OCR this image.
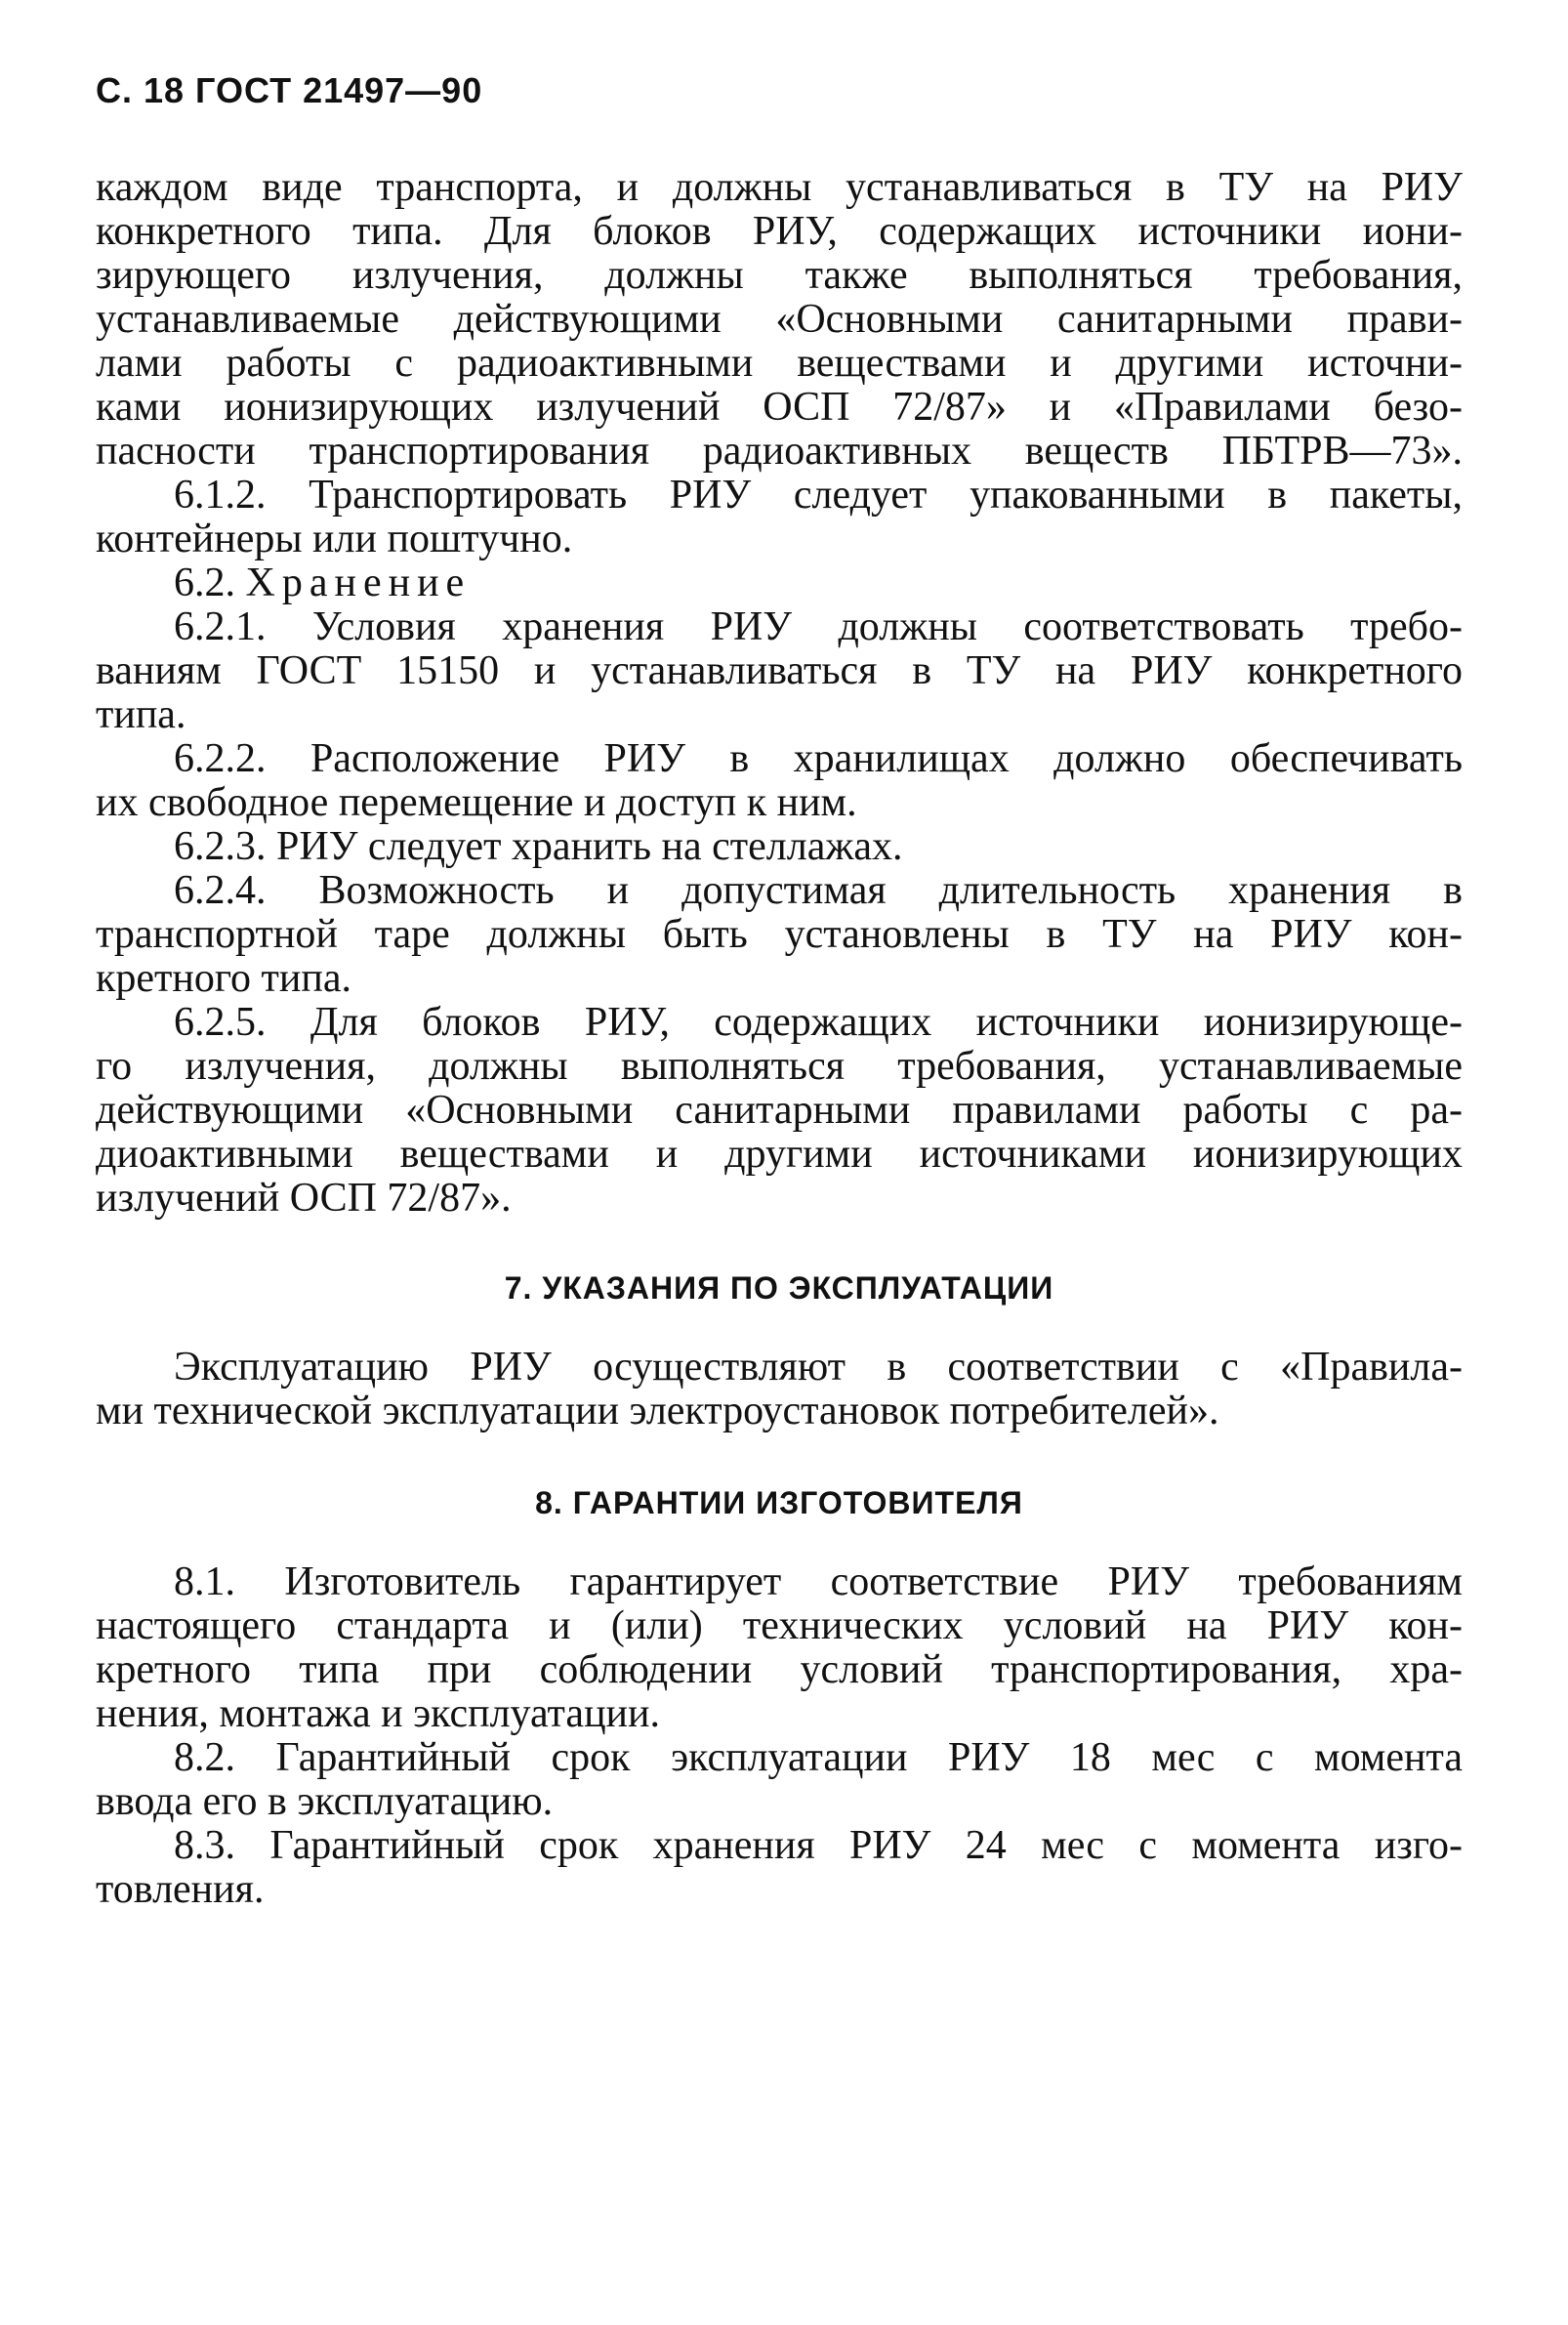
С. 18 ГОСТ 21497—90
каждом виде транспорта, и должны устанавливаться в ТУ на РИУ
конкретного типа. Для блоков РИУ, содержащих источники иони-
зирующего излучения, должны также выполняться требования,
устанавливаемые действующими «Основными санитарными прави-
лами работы с радиоактивными веществами и другими источни-
ками ионизирующих излучений ОСП 72/87» и «Правилами безо-
пасности транспортирования радиоактивных веществ ПБТРВ—73».
6.1.2. Транспортировать РИУ следует упакованными в пакеты,
контейнеры или поштучно.
6.2. Хранение
6.2.1. Условия хранения РИУ должны соответствовать требо-
ваниям ГОСТ 15150 и устанавливаться в ТУ на РИУ конкретного
типа.
6.2.2. Расположение РИУ в хранилищах должно обеспечивать
их свободное перемещение и доступ к ним.
6.2.3. РИУ следует хранить на стеллажах.
6.2.4. Возможность и допустимая длительность хранения в
транспортной таре должны быть установлены в ТУ на РИУ кон-
кретного типа.
6.2.5. Для блоков РИУ, содержащих источники ионизирующе-
го излучения, должны выполняться требования, устанавливаемые
действующими «Основными санитарными правилами работы с ра-
диоактивными веществами и другими источниками ионизирующих
излучений ОСП 72/87».
7. УКАЗАНИЯ ПО ЭКСПЛУАТАЦИИ
Эксплуатацию РИУ осуществляют в соответствии с «Правила-
ми технической эксплуатации электроустановок потребителей».
8. ГАРАНТИИ ИЗГОТОВИТЕЛЯ
8.1. Изготовитель гарантирует соответствие РИУ требованиям
настоящего стандарта и (или) технических условий на РИУ кон-
кретного типа при соблюдении условий транспортирования, хра-
нения, монтажа и эксплуатации.
8.2. Гарантийный срок эксплуатации РИУ 18 мес с момента
ввода его в эксплуатацию.
8.3. Гарантийный срок хранения РИУ 24 мес с момента изго-
товления.
